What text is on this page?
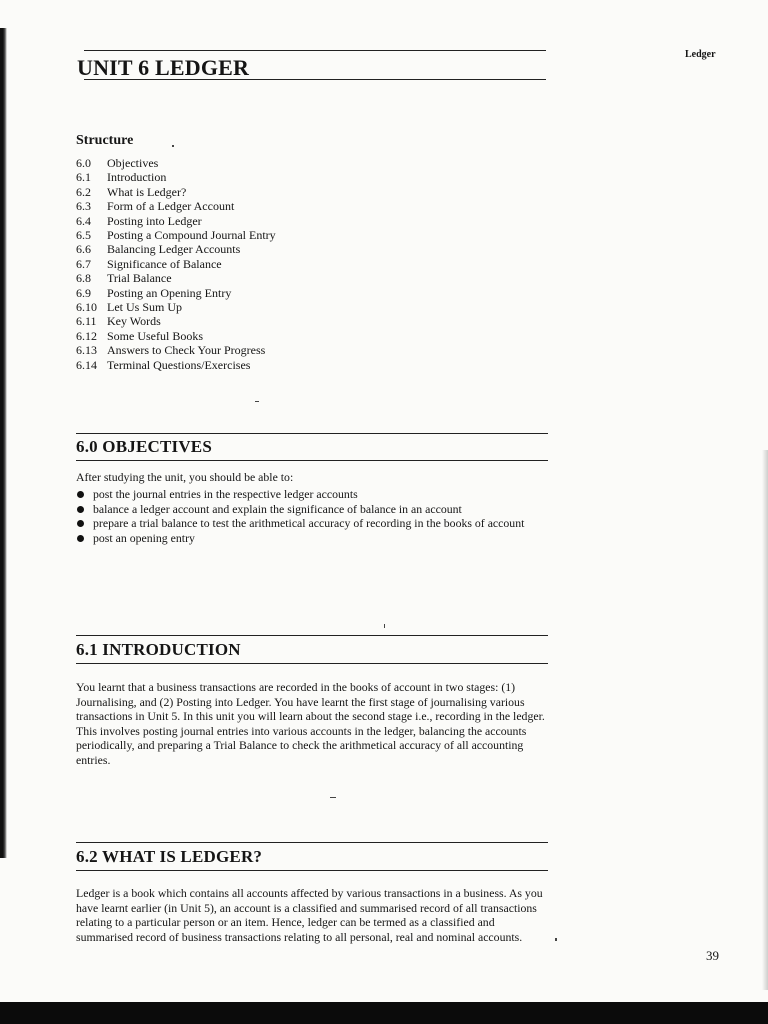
Ledger
UNIT 6 LEDGER
Structure
6.0	Objectives
6.1	Introduction
6.2	What is Ledger?
6.3	Form of a Ledger Account
6.4	Posting into Ledger
6.5	Posting a Compound Journal Entry
6.6	Balancing Ledger Accounts
6.7	Significance of Balance
6.8	Trial Balance
6.9	Posting an Opening Entry
6.10 Let Us Sum Up
6.11 Key Words
6.12 Some Useful Books
6.13 Answers to Check Your Progress
6.14 Terminal Questions/Exercises
6.0 OBJECTIVES
After studying the unit, you should be able to:
post the journal entries in the respective ledger accounts
balance a ledger account and explain the significance of balance in an account
prepare a trial balance to test the arithmetical accuracy of recording in the books of account
post an opening entry
6.1 INTRODUCTION
You learnt that a business transactions are recorded in the books of account in two stages: (1) Journalising, and (2) Posting into Ledger. You have learnt the first stage of journalising various transactions in Unit 5. In this unit you will learn about the second stage i.e., recording in the ledger. This involves posting journal entries into various accounts in the ledger, balancing the accounts periodically, and preparing a Trial Balance to check the arithmetical accuracy of all accounting entries.
6.2 WHAT IS LEDGER?
Ledger is a book which contains all accounts affected by various transactions in a business. As you have learnt earlier (in Unit 5), an account is a classified and summarised record of all transactions relating to a particular person or an item. Hence, ledger can be termed as a classified and summarised record of business transactions relating to all personal, real and nominal accounts.
39
